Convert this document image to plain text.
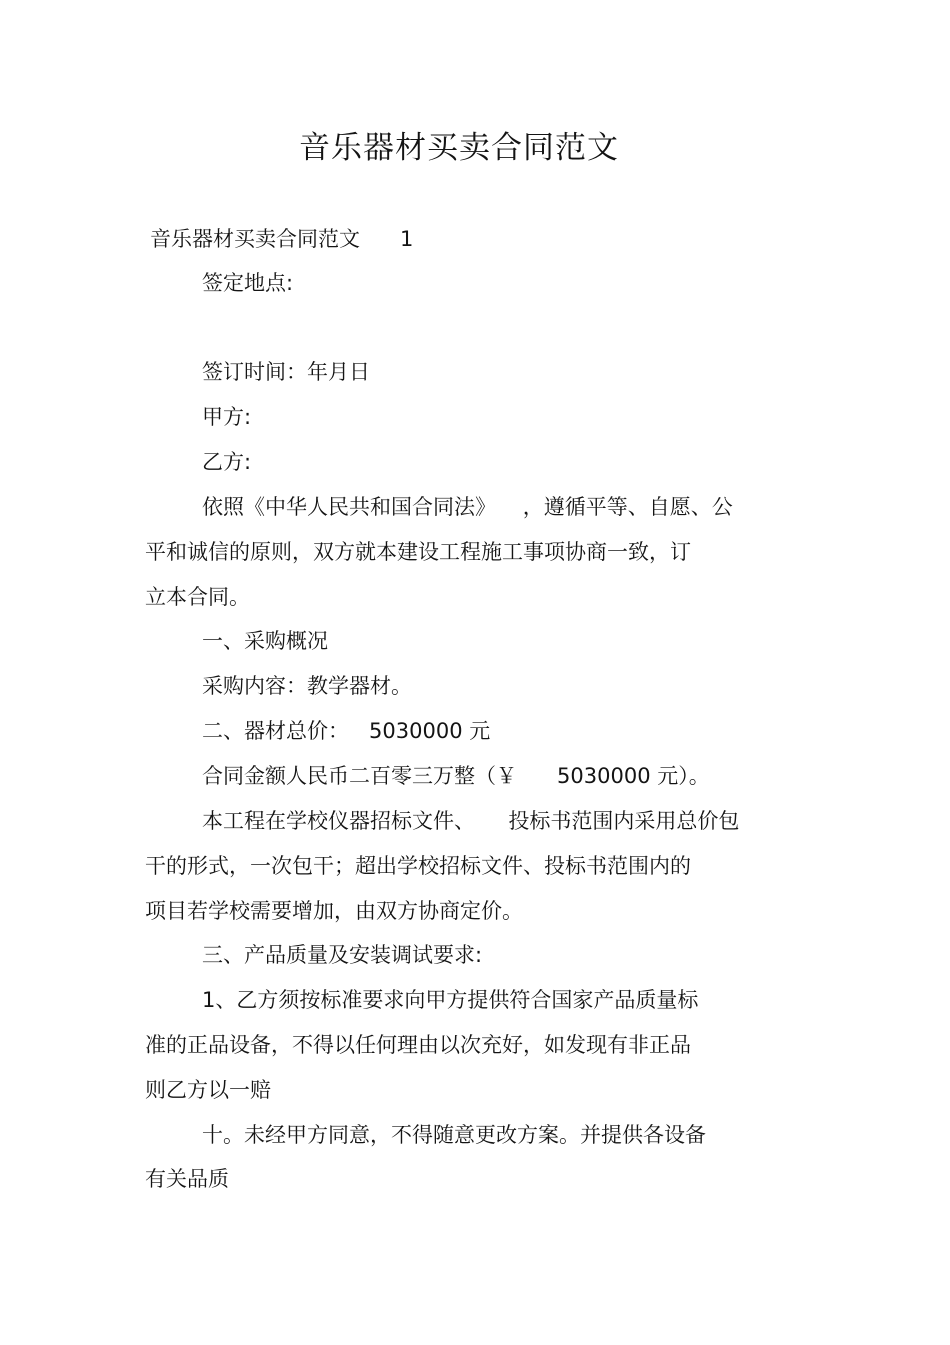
音乐器材买卖合同范文
音乐器材买卖合同范文      1
签定地点:
签订时间：年月日
甲方:
乙方:
依照《中华人民共和国合同法》    ，遵循平等、自愿、公
平和诚信的原则，双方就本建设工程施工事项协商一致，订
立本合同。
一、采购概况
采购内容：教学器材。
二、器材总价：   5030000 元
合同金额人民币二百零三万整（￥      5030000 元）。
本工程在学校仪器招标文件、     投标书范围内采用总价包
干的形式，一次包干；超出学校招标文件、投标书范围内的
项目若学校需要增加，由双方协商定价。
三、产品质量及安装调试要求:
1、乙方须按标准要求向甲方提供符合国家产品质量标
准的正品设备，不得以任何理由以次充好，如发现有非正品
则乙方以一赔
十。未经甲方同意，不得随意更改方案。并提供各设备
有关品质
